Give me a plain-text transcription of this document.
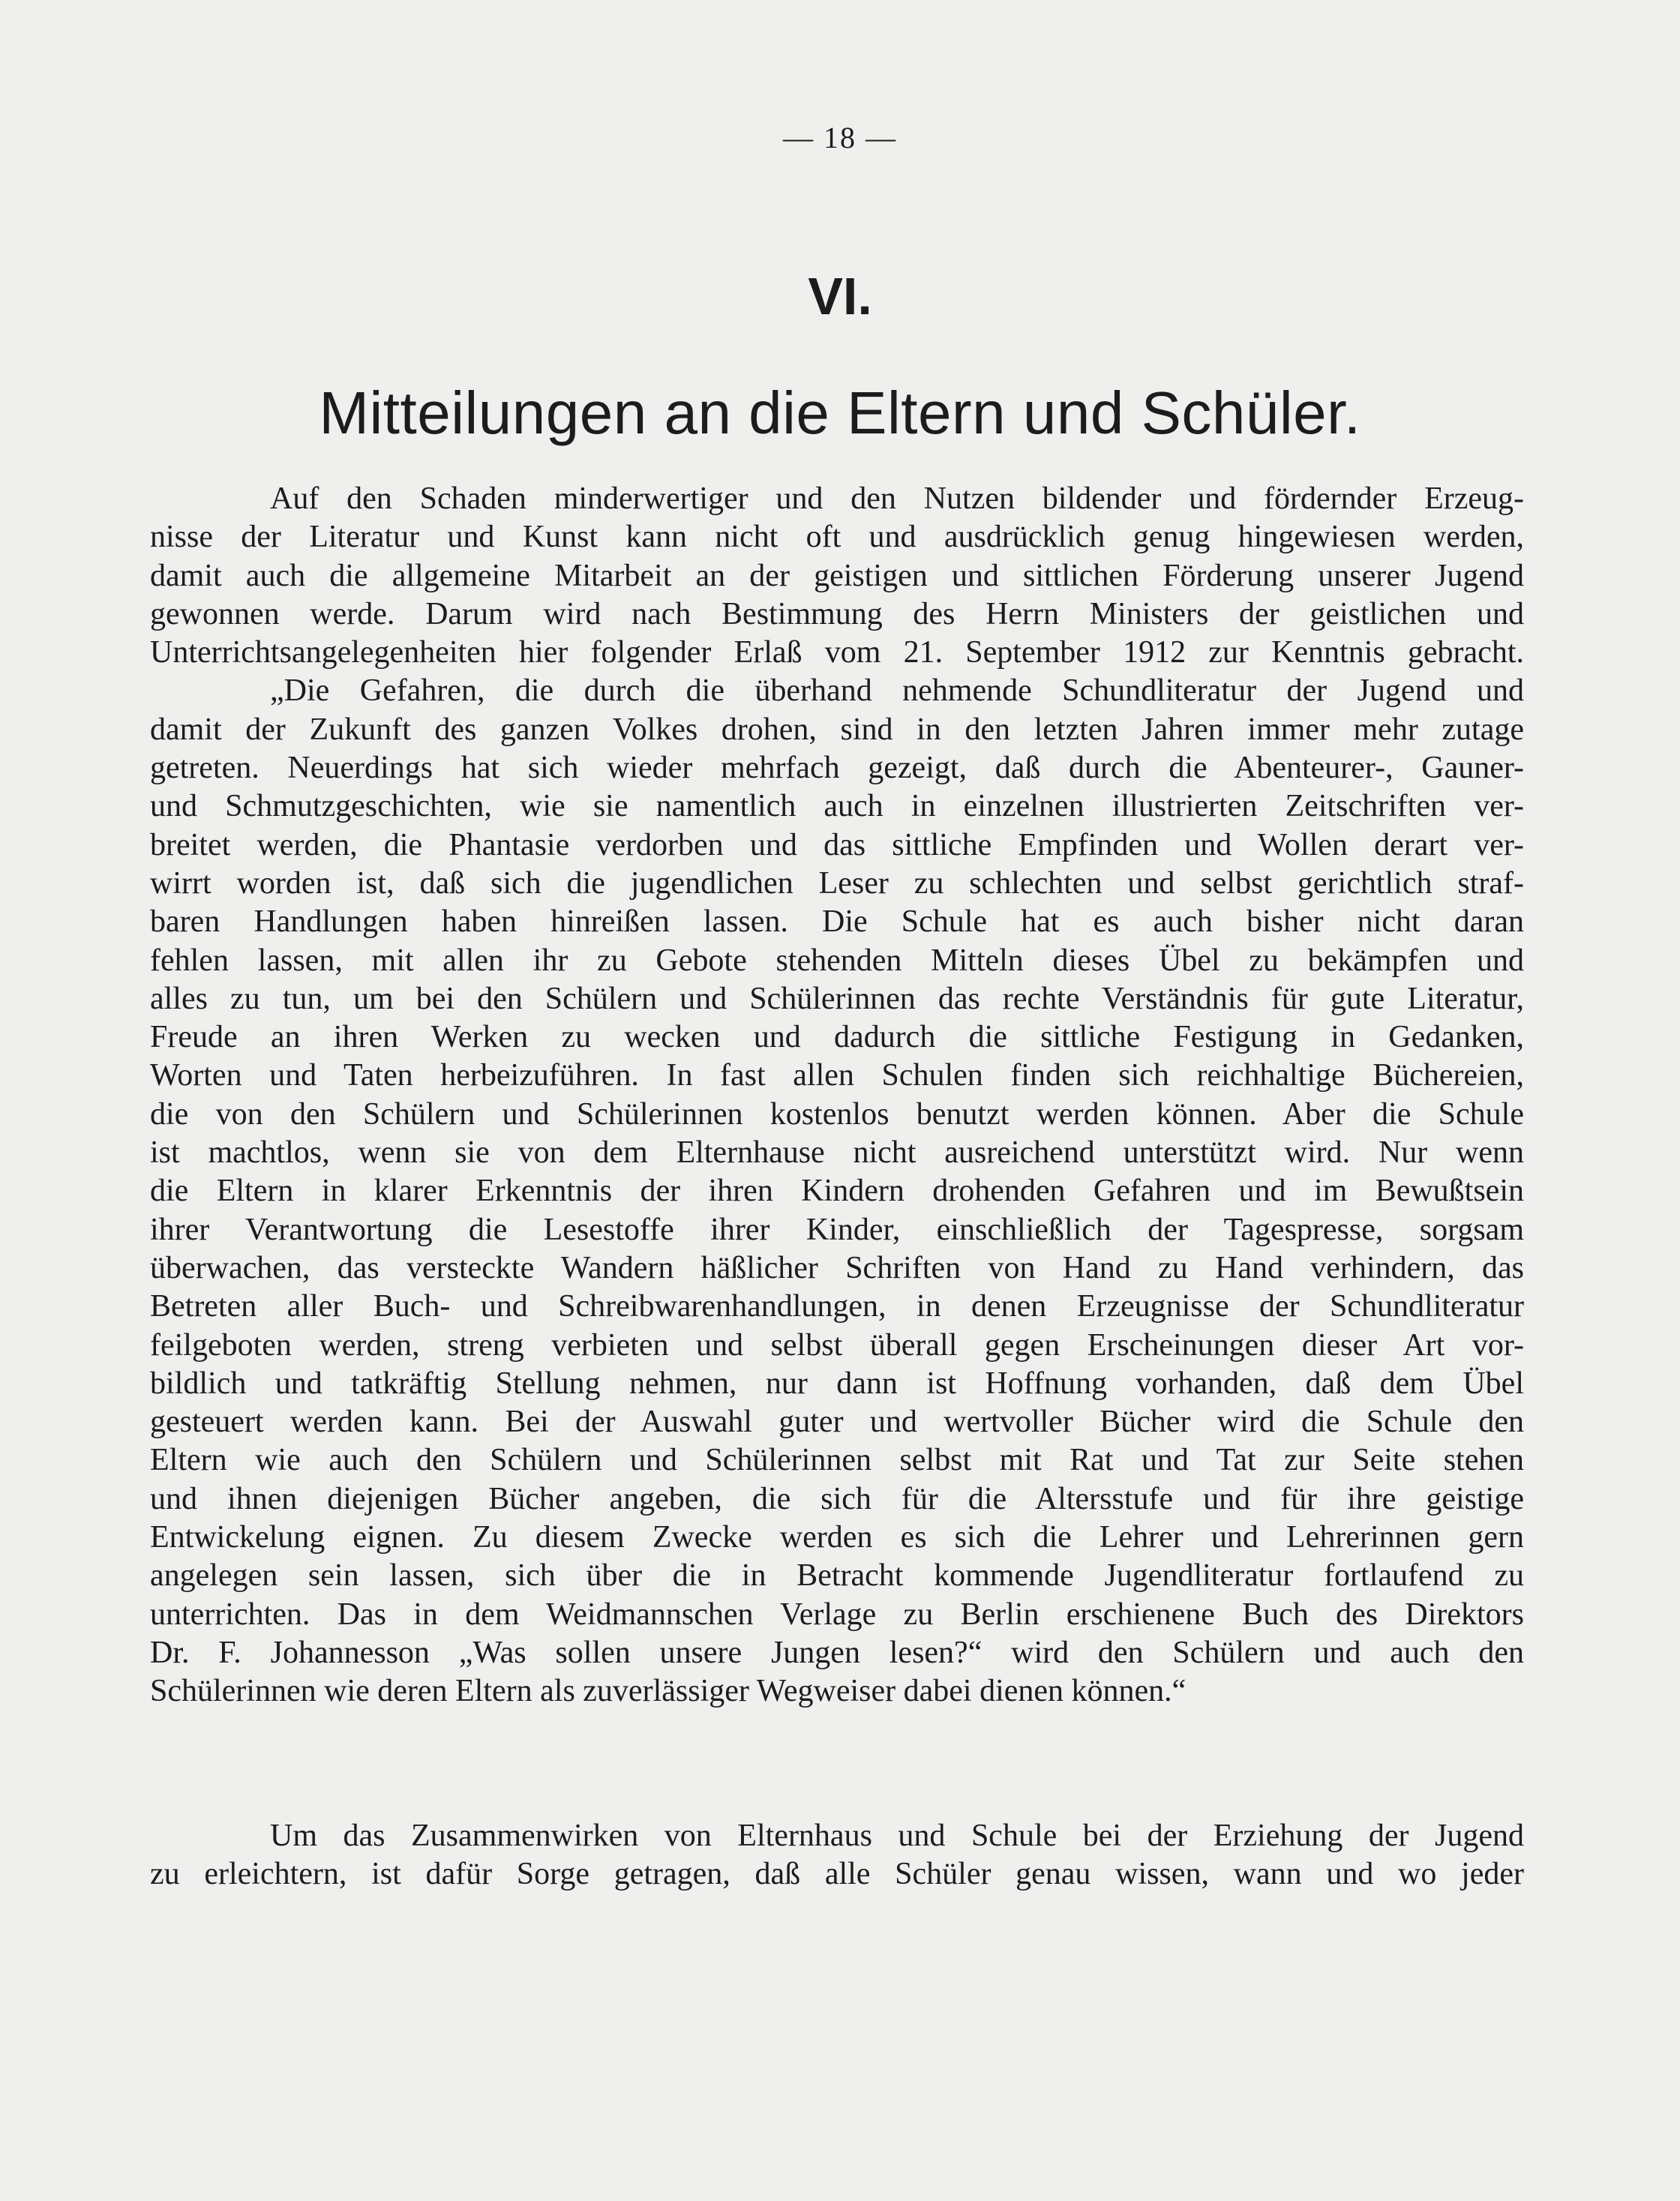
— 18 —
VI.
Mitteilungen an die Eltern und Schüler.
Auf den Schaden minderwertiger und den Nutzen bildender und fördernder Erzeug-
nisse der Literatur und Kunst kann nicht oft und ausdrücklich genug hingewiesen werden,
damit auch die allgemeine Mitarbeit an der geistigen und sittlichen Förderung unserer Jugend
gewonnen werde. Darum wird nach Bestimmung des Herrn Ministers der geistlichen und
Unterrichtsangelegenheiten hier folgender Erlaß vom 21. September 1912 zur Kenntnis gebracht.
„Die Gefahren, die durch die überhand nehmende Schundliteratur der Jugend und
damit der Zukunft des ganzen Volkes drohen, sind in den letzten Jahren immer mehr zutage
getreten. Neuerdings hat sich wieder mehrfach gezeigt, daß durch die Abenteurer-, Gauner-
und Schmutzgeschichten, wie sie namentlich auch in einzelnen illustrierten Zeitschriften ver-
breitet werden, die Phantasie verdorben und das sittliche Empfinden und Wollen derart ver-
wirrt worden ist, daß sich die jugendlichen Leser zu schlechten und selbst gerichtlich straf-
baren Handlungen haben hinreißen lassen. Die Schule hat es auch bisher nicht daran
fehlen lassen, mit allen ihr zu Gebote stehenden Mitteln dieses Übel zu bekämpfen und
alles zu tun, um bei den Schülern und Schülerinnen das rechte Verständnis für gute Literatur,
Freude an ihren Werken zu wecken und dadurch die sittliche Festigung in Gedanken,
Worten und Taten herbeizuführen. In fast allen Schulen finden sich reichhaltige Büchereien,
die von den Schülern und Schülerinnen kostenlos benutzt werden können. Aber die Schule
ist machtlos, wenn sie von dem Elternhause nicht ausreichend unterstützt wird. Nur wenn
die Eltern in klarer Erkenntnis der ihren Kindern drohenden Gefahren und im Bewußtsein
ihrer Verantwortung die Lesestoffe ihrer Kinder, einschließlich der Tagespresse, sorgsam
überwachen, das versteckte Wandern häßlicher Schriften von Hand zu Hand verhindern, das
Betreten aller Buch- und Schreibwarenhandlungen, in denen Erzeugnisse der Schundliteratur
feilgeboten werden, streng verbieten und selbst überall gegen Erscheinungen dieser Art vor-
bildlich und tatkräftig Stellung nehmen, nur dann ist Hoffnung vorhanden, daß dem Übel
gesteuert werden kann. Bei der Auswahl guter und wertvoller Bücher wird die Schule den
Eltern wie auch den Schülern und Schülerinnen selbst mit Rat und Tat zur Seite stehen
und ihnen diejenigen Bücher angeben, die sich für die Altersstufe und für ihre geistige
Entwickelung eignen. Zu diesem Zwecke werden es sich die Lehrer und Lehrerinnen gern
angelegen sein lassen, sich über die in Betracht kommende Jugendliteratur fortlaufend zu
unterrichten. Das in dem Weidmannschen Verlage zu Berlin erschienene Buch des Direktors
Dr. F. Johannesson „Was sollen unsere Jungen lesen?“ wird den Schülern und auch den
Schülerinnen wie deren Eltern als zuverlässiger Wegweiser dabei dienen können.“
Um das Zusammenwirken von Elternhaus und Schule bei der Erziehung der Jugend
zu erleichtern, ist dafür Sorge getragen, daß alle Schüler genau wissen, wann und wo jeder
